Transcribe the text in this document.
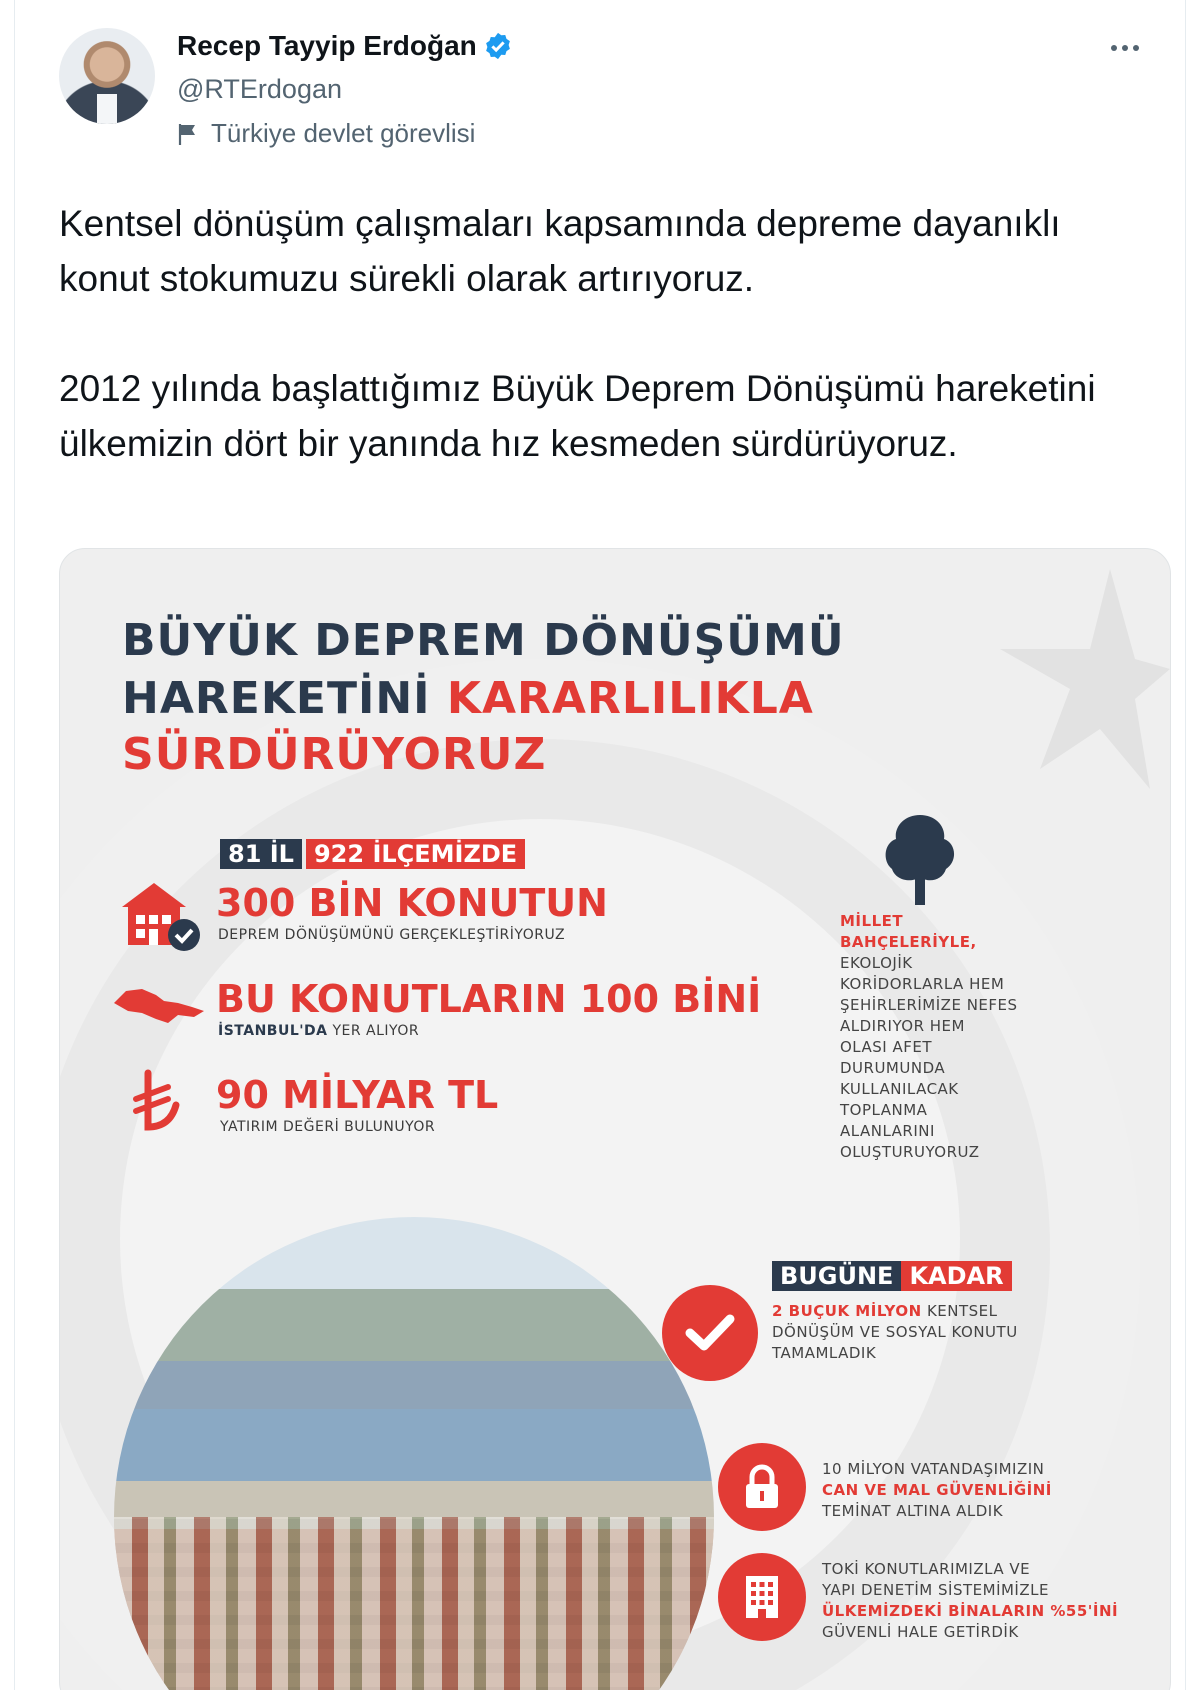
Recep Tayyip Erdoğan
@RTErdogan
Türkiye devlet görevlisi

Kentsel dönüşüm çalışmaları kapsamında depreme dayanıklı konut stokumuzu sürekli olarak artırıyoruz.

2012 yılında başlattığımız Büyük Deprem Dönüşümü hareketini ülkemizin dört bir yanında hız kesmeden sürdürüyoruz.

BÜYÜK DEPREM DÖNÜŞÜMÜ
HAREKETİNİ KARARLILIKLA
SÜRDÜRÜYORUZ
81 İL 922 İLÇEMİZDE
300 BİN KONUTUN
DEPREM DÖNÜŞÜMÜNÜ GERÇEKLEŞTİRİYORUZ
BU KONUTLARIN 100 BİNİ
İSTANBUL'DA YER ALIYOR
90 MİLYAR TL
YATIRIM DEĞERİ BULUNUYOR
MİLLET
BAHÇELERİYLE,
EKOLOJİK
KORİDORLARLA HEM
ŞEHİRLERİMİZE NEFES
ALDIRIYOR HEM
OLASI AFET
DURUMUNDA
KULLANILACAK
TOPLANMA
ALANLARINI
OLUŞTURUYORUZ
BUGÜNE KADAR
2 BUÇUK MİLYON KENTSEL
DÖNÜŞÜM VE SOSYAL KONUTU
TAMAMLADIK
10 MİLYON VATANDAŞIMIZIN
CAN VE MAL GÜVENLİĞİNİ
TEMİNAT ALTINA ALDIK
TOKİ KONUTLARIMIZLA VE
YAPI DENETİM SİSTEMİMİZLE
ÜLKEMİZDEKİ BİNALARIN %55'İNİ
GÜVENLİ HALE GETİRDİK
